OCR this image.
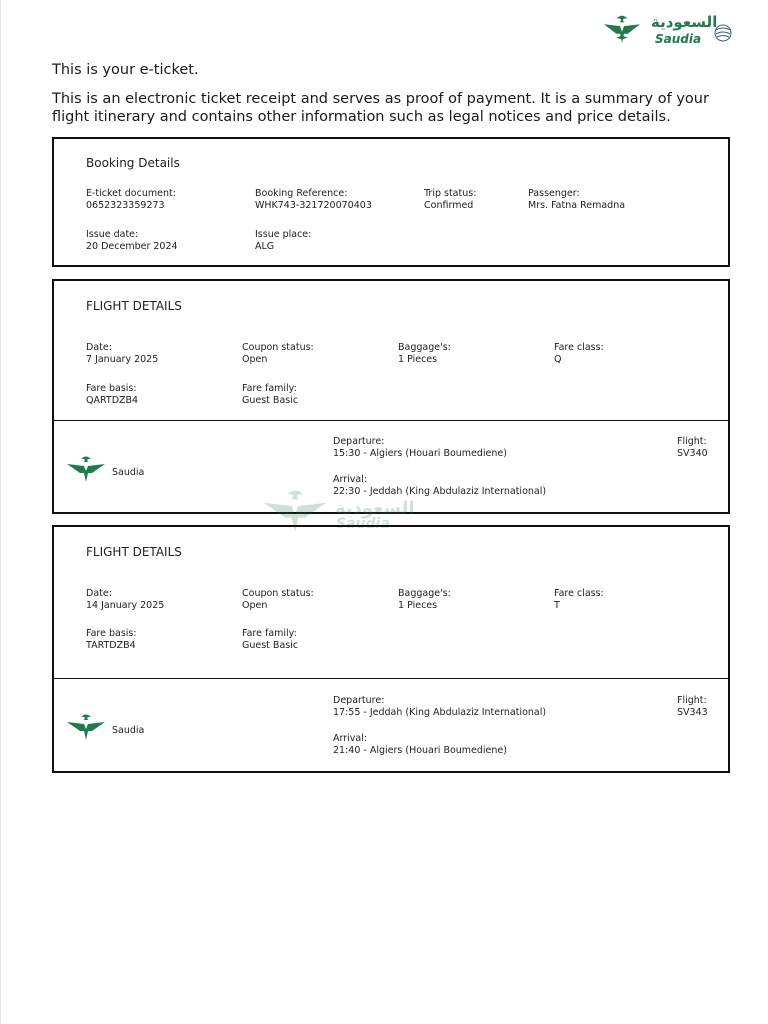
السعودية
Saudia
This is your e-ticket.
This is an electronic ticket receipt and serves as proof of payment. It is a summary of your flight itinerary and contains other information such as legal notices and price details.
Booking Details
E-ticket document:
0652323359273
Booking Reference:
WHK743-321720070403
Trip status:
Confirmed
Passenger:
Mrs. Fatna Remadna
Issue date:
20 December 2024
Issue place:
ALG
FLIGHT DETAILS
Date:
7 January 2025
Coupon status:
Open
Baggage's:
1 Pieces
Fare class:
Q
Fare basis:
QARTDZB4
Fare family:
Guest Basic
Saudia
Departure:
15:30 - Algiers (Houari Boumediene)
Arrival:
22:30 - Jeddah (King Abdulaziz International)
Flight:
SV340
السعودية
Saudia
FLIGHT DETAILS
Date:
14 January 2025
Coupon status:
Open
Baggage's:
1 Pieces
Fare class:
T
Fare basis:
TARTDZB4
Fare family:
Guest Basic
Saudia
Departure:
17:55 - Jeddah (King Abdulaziz International)
Arrival:
21:40 - Algiers (Houari Boumediene)
Flight:
SV343
